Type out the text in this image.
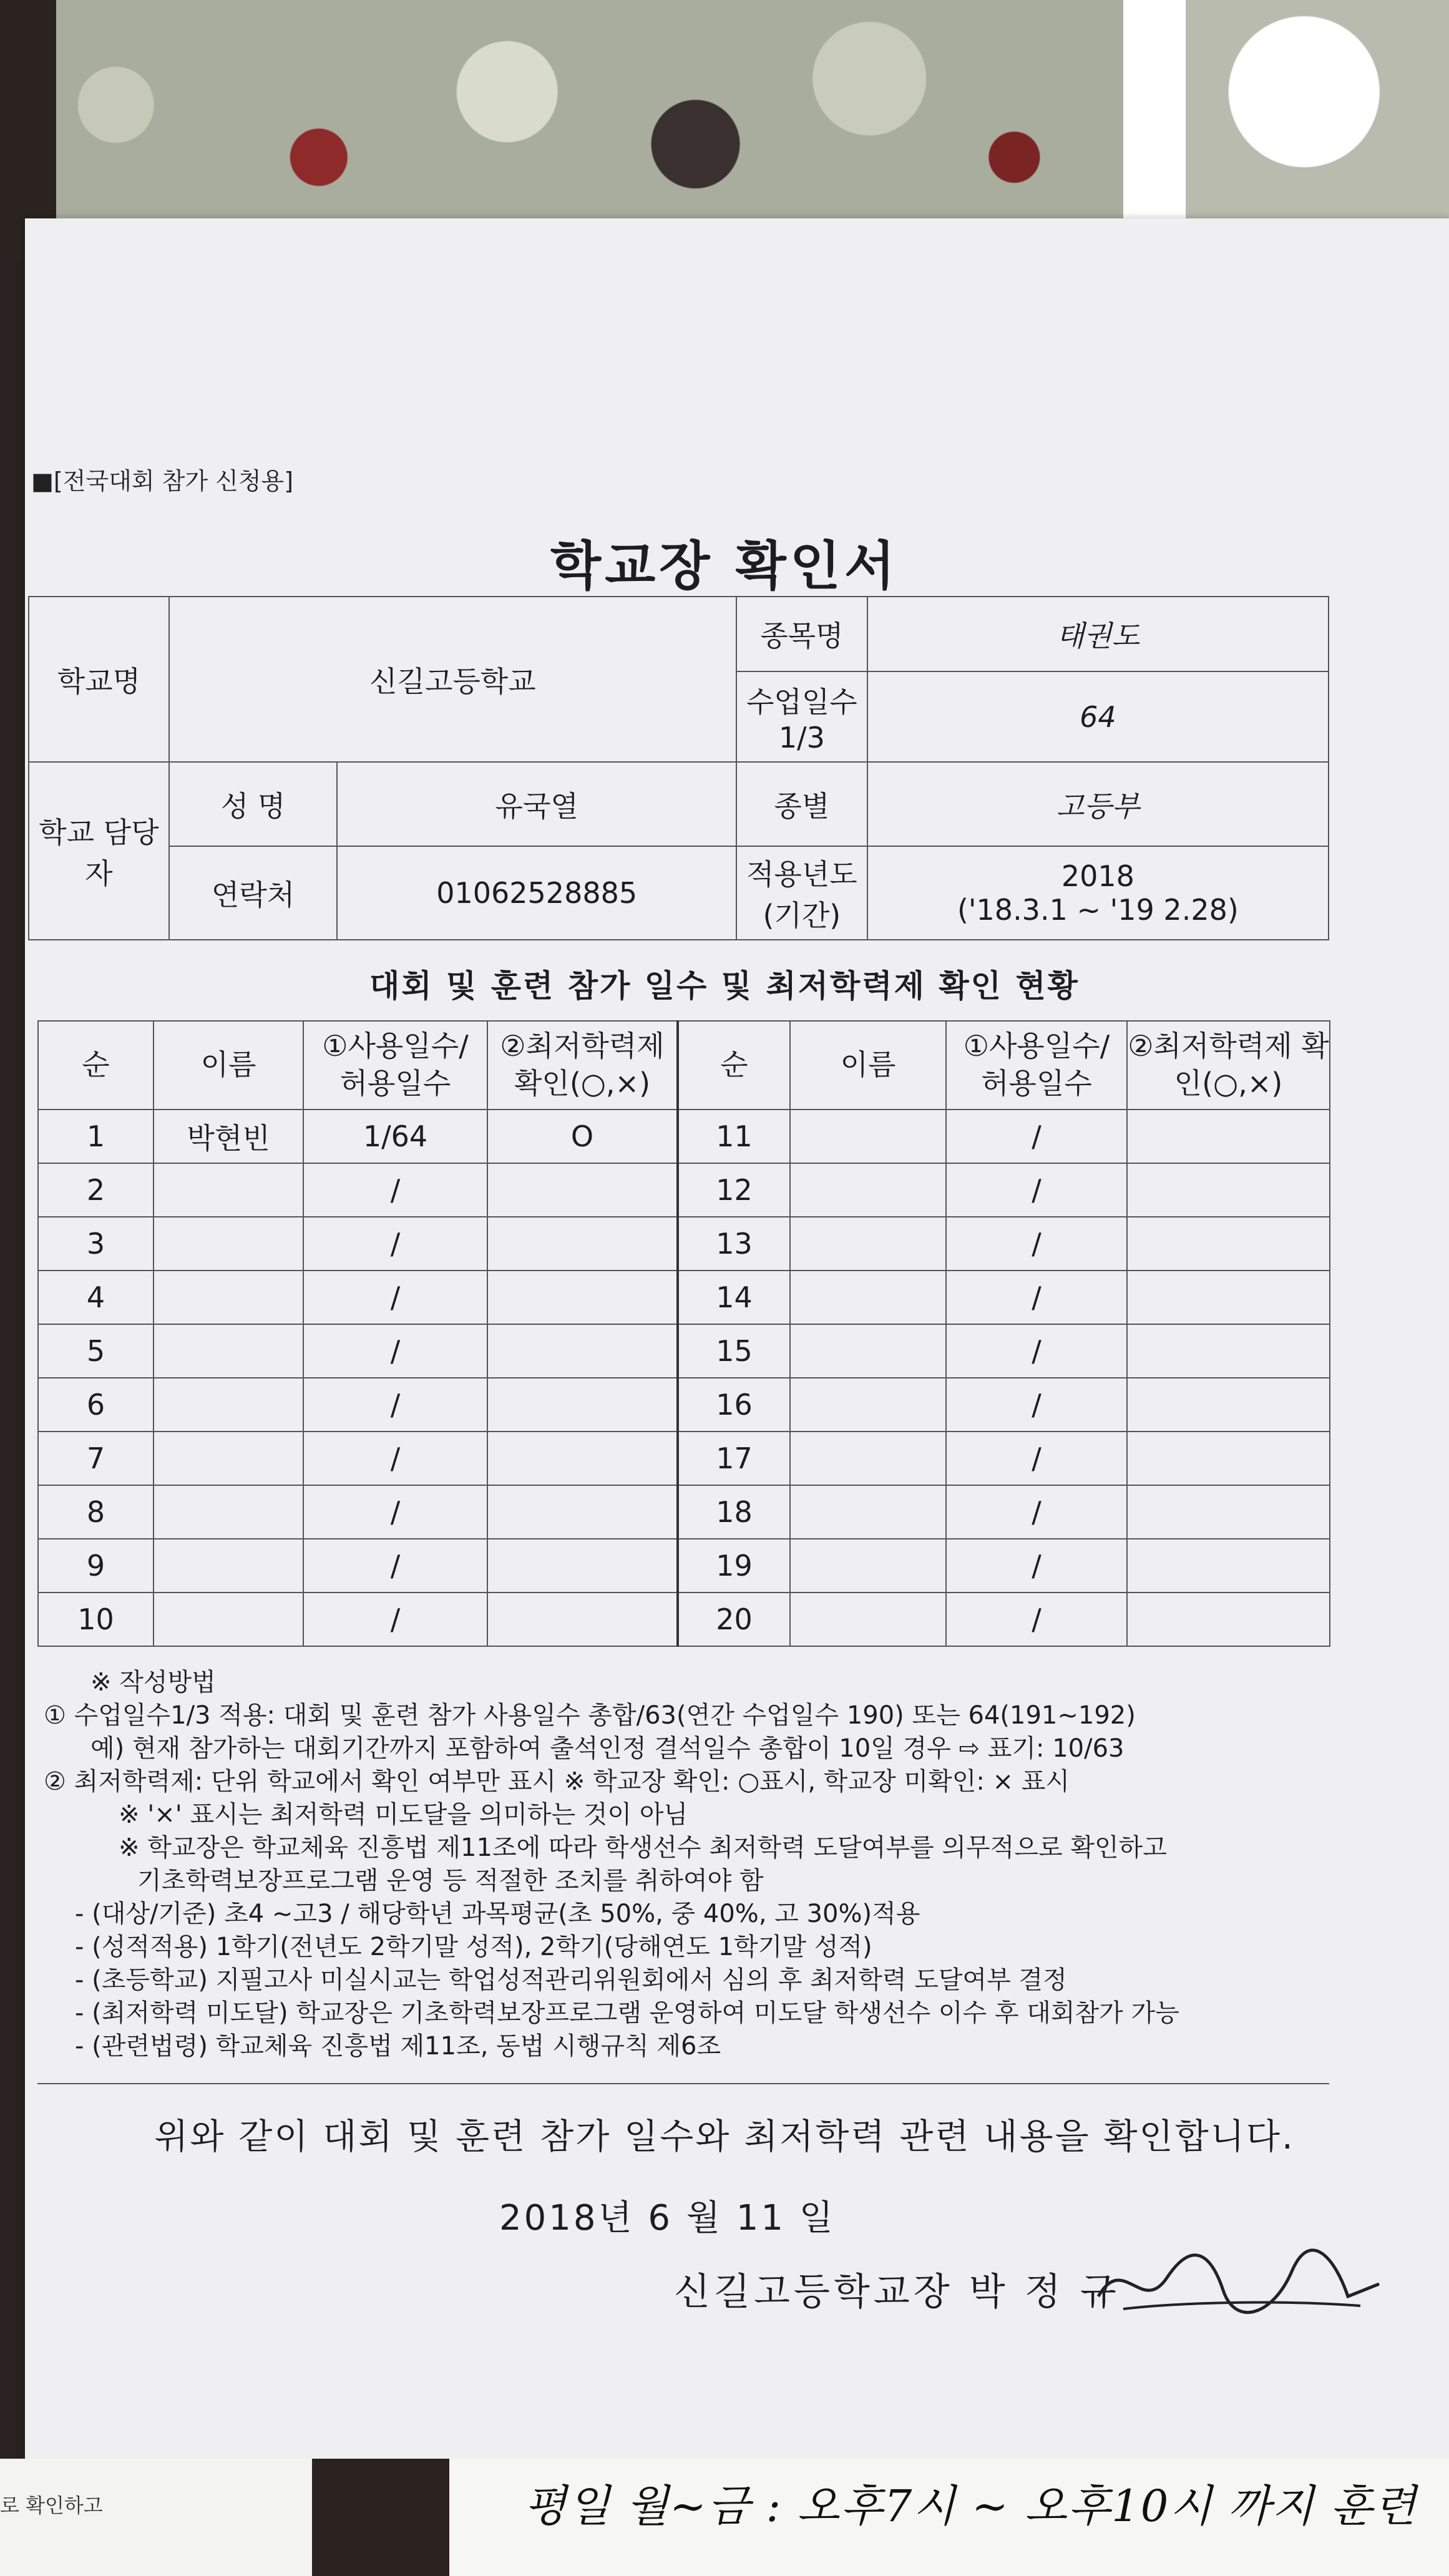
■[전국대회 참가 신청용]
학교장 확인서
학교명	신길고등학교		종목명	태권도
			수업일수 1/3	64
학교 담당자	성 명	유국열	종별	고등부
	연락처	01062528885	적용년도 (기간)	2018
('18.3.1 ~ '19 2.28)
대회 및 훈련 참가 일수 및 최저학력제 확인 현황
순	이름	①사용일수/ 허용일수	②최저학력제 확인(○,×)	순	이름	①사용일수/ 허용일수	②최저학력제 확인(○,×)
1	박현빈	1/64	O	11		/	
2		/		12		/	
3		/		13		/	
4		/		14		/	
5		/		15		/	
6		/		16		/	
7		/		17		/	
8		/		18		/	
9		/		19		/	
10		/		20		/	
※ 작성방법
① 수업일수1/3 적용: 대회 및 훈련 참가 사용일수 총합/63(연간 수업일수 190) 또는 64(191~192)
예) 현재 참가하는 대회기간까지 포함하여 출석인정 결석일수 총합이 10일 경우 ⇨ 표기: 10/63
② 최저학력제: 단위 학교에서 확인 여부만 표시 ※ 학교장 확인: ○표시, 학교장 미확인: × 표시
※ '×' 표시는 최저학력 미도달을 의미하는 것이 아님
※ 학교장은 학교체육 진흥법 제11조에 따라 학생선수 최저학력 도달여부를 의무적으로 확인하고
기초학력보장프로그램 운영 등 적절한 조치를 취하여야 함
- (대상/기준) 초4 ~고3 / 해당학년 과목평균(초 50%, 중 40%, 고 30%)적용
- (성적적용) 1학기(전년도 2학기말 성적), 2학기(당해연도 1학기말 성적)
- (초등학교) 지필고사 미실시교는 학업성적관리위원회에서 심의 후 최저학력 도달여부 결정
- (최저학력 미도달) 학교장은 기초학력보장프로그램 운영하여 미도달 학생선수 이수 후 대회참가 가능
- (관련법령) 학교체육 진흥법 제11조, 동법 시행규칙 제6조
위와 같이 대회 및 훈련 참가 일수와 최저학력 관련 내용을 확인합니다.
2018년 6 월 11 일
신길고등학교장 박 정 규
로 확인하고	평일 월~금 : 오후7시 ~ 오후10시 까지 훈련
